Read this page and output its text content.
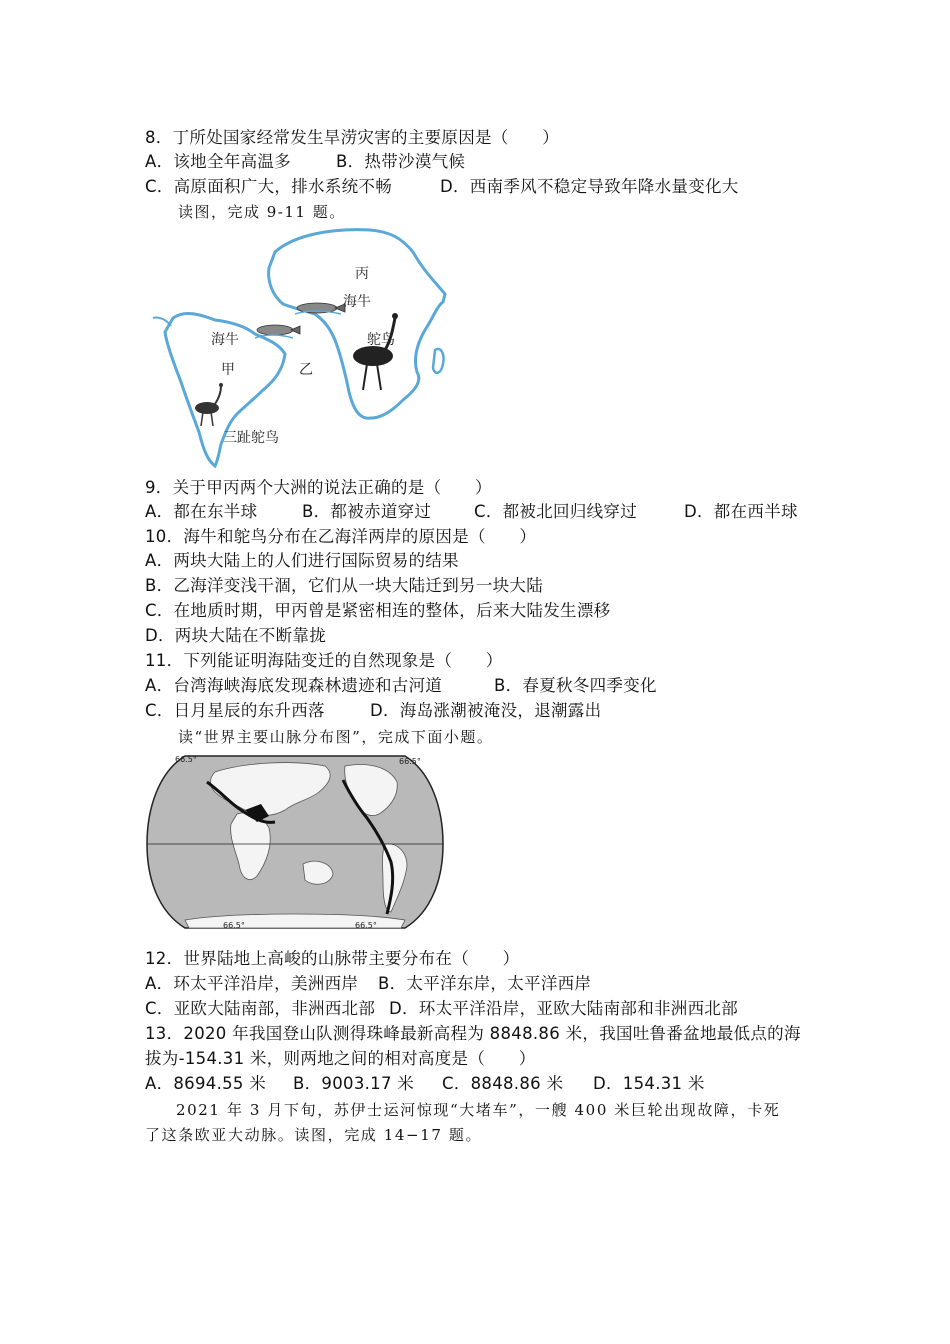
8．丁所处国家经常发生旱涝灾害的主要原因是（　　）
A．该地全年高温多	B．热带沙漠气候
C．高原面积广大，排水系统不畅	D．西南季风不稳定导致年降水量变化大
读图，完成 9-11 题。
丙
海牛
鸵鸟
海牛
甲	乙
三趾鸵鸟
9．关于甲丙两个大洲的说法正确的是（　　）
A．都在东半球	B．都被赤道穿过	C．都被北回归线穿过	D．都在西半球
10．海牛和鸵鸟分布在乙海洋两岸的原因是（　　）
A．两块大陆上的人们进行国际贸易的结果
B．乙海洋变浅干涸，它们从一块大陆迁到另一块大陆
C．在地质时期，甲丙曾是紧密相连的整体，后来大陆发生漂移
D．两块大陆在不断靠拢
11．下列能证明海陆变迁的自然现象是（　　）
A．台湾海峡海底发现森林遗迹和古河道	B．春夏秋冬四季变化
C．日月星辰的东升西落	D．海岛涨潮被淹没，退潮露出
读“世界主要山脉分布图”，完成下面小题。
66.5°	66.5°
66.5°	66.5°
12．世界陆地上高峻的山脉带主要分布在（　　）
A．环太平洋沿岸，美洲西岸 B．太平洋东岸，太平洋西岸
C．亚欧大陆南部，非洲西北部 D．环太平洋沿岸，亚欧大陆南部和非洲西北部
13．2020 年我国登山队测得珠峰最新高程为 8848.86 米，我国吐鲁番盆地最低点的海
拔为-154.31 米，则两地之间的相对高度是（　　）
A．8694.55 米 B．9003.17 米 C．8848.86 米 D．154.31 米
2021 年 3 月下旬，苏伊士运河惊现“大堵车”，一艘 400 米巨轮出现故障，卡死
了这条欧亚大动脉。读图，完成 14−17 题。
